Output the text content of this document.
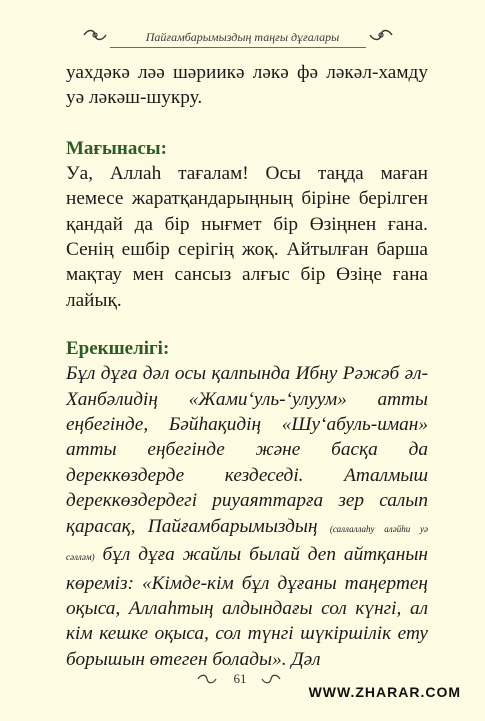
Пайғамбарымыздың таңғы дұғалары

уахдәкә ләә шәриикә ләкә фә ләкәл-хамду уә ләкәш-шукру.

Мағынасы:

Уа, Аллаһ тағалам! Осы таңда маған немесе жаратқандарыңның біріне берілген қандай да бір нығмет бір Өзіңнен ғана. Сенің ешбір серігің жоқ. Айтылған барша мақтау мен сансыз алғыс бір Өзіңе ғана лайық.

Ерекшелігі:

Бұл дұға дәл осы қалпында Ибну Рәжәб әл-Ханбәлидің «Жами‘уль-‘улуум» атты еңбегінде, Бәйһақидің «Шу‘абуль-иман» атты еңбегінде және басқа да дереккөздерде кездеседі. Аталмыш дереккөздердегі риуаяттарға зер салып қарасақ, Пайғамбарымыздың (саллаллаһу аләйһи уә сәлләм) бұл дұға жайлы былай деп айтқанын көреміз: «Кімде-кім бұл дұғаны таңертең оқыса, Аллаһтың алдындағы сол күнгі, ал кім кешке оқыса, сол түнгі шүкіршілік ету борышын өтеген болады». Дәл

61
WWW.ZHARAR.COM
